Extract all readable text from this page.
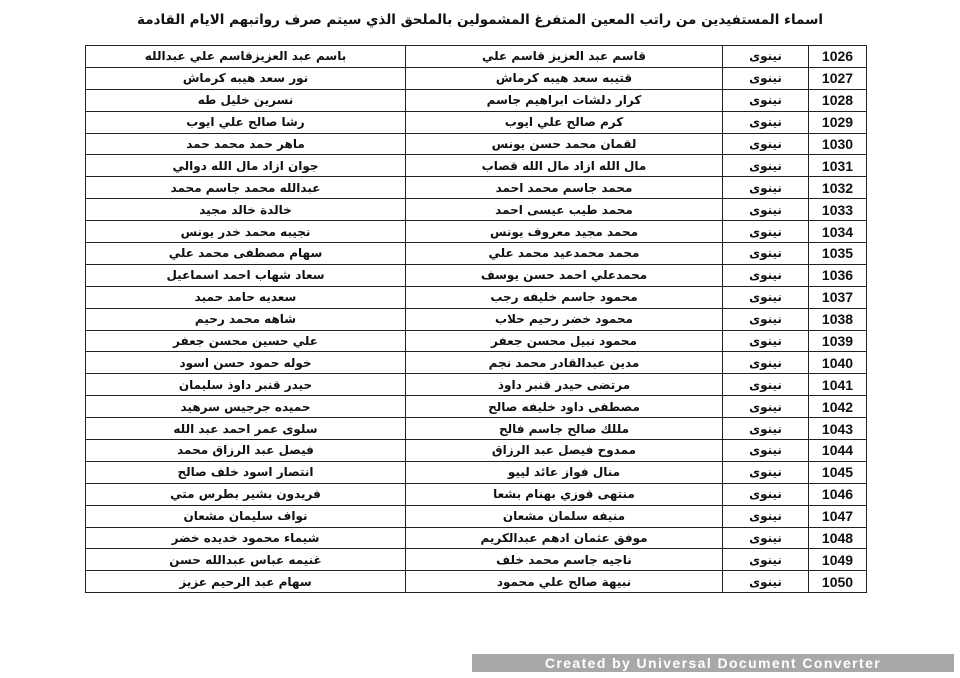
اسماء المستفيدين من راتب المعين المتفرغ المشمولين بالملحق الذي سيتم صرف رواتبهم الايام القادمة
1026	نينوى	قاسم عبد العزيز قاسم علي	باسم عبد العزيزقاسم علي عبدالله
1027	نينوى	قتيبه سعد هيبه كرماش	نور سعد هيبه كرماش
1028	نينوى	كرار دلشات ابراهيم جاسم	نسرين خليل طه
1029	نينوى	كرم صالح علي ايوب	رشا صالح علي ايوب
1030	نينوى	لقمان محمد حسن يونس	ماهر حمد محمد حمد
1031	نينوى	مال الله ازاد مال الله قصاب	جوان ازاد مال الله دوالي
1032	نينوى	محمد جاسم محمد احمد	عبدالله محمد جاسم محمد
1033	نينوى	محمد طيب عيسى احمد	خالدة خالد مجيد
1034	نينوى	محمد مجيد معروف يونس	نجيبه محمد خدر يونس
1035	نينوى	محمد محمدعيد محمد علي	سهام مصطفى محمد علي
1036	نينوى	محمدعلي احمد حسن يوسف	سعاد شهاب احمد اسماعيل
1037	نينوى	محمود جاسم خليفه رجب	سعديه حامد حميد
1038	نينوى	محمود خضر رحيم حلاب	شاهه محمد رحيم
1039	نينوى	محمود نبيل محسن جعفر	علي حسين محسن جعفر
1040	نينوى	مدين عبدالقادر محمد نجم	خوله حمود حسن اسود
1041	نينوى	مرتضى حيدر قنبر داوذ	حيدر قنبر داوذ سليمان
1042	نينوى	مصطفى داود خليفه صالح	حميده جرجيس سرهيد
1043	نينوى	مللك صالح جاسم فالح	سلوى عمر احمد عبد الله
1044	نينوى	ممدوح فيصل عبد الرزاق	فيصل عبد الرزاق محمد
1045	نينوى	منال فواز عائد لييو	انتصار اسود خلف صالح
1046	نينوى	منتهى فوزي بهنام بشعا	فريدون بشير بطرس متي
1047	نينوى	منيفه سلمان مشعان	نواف سليمان مشعان
1048	نينوى	موفق عثمان ادهم عبدالكريم	شيماء محمود خديده خضر
1049	نينوى	ناجيه جاسم محمد خلف	غنيمه عباس عبدالله حسن
1050	نينوى	نبيهة صالح علي محمود	سهام عبد الرحيم عزيز
Created by Universal Document Converter
